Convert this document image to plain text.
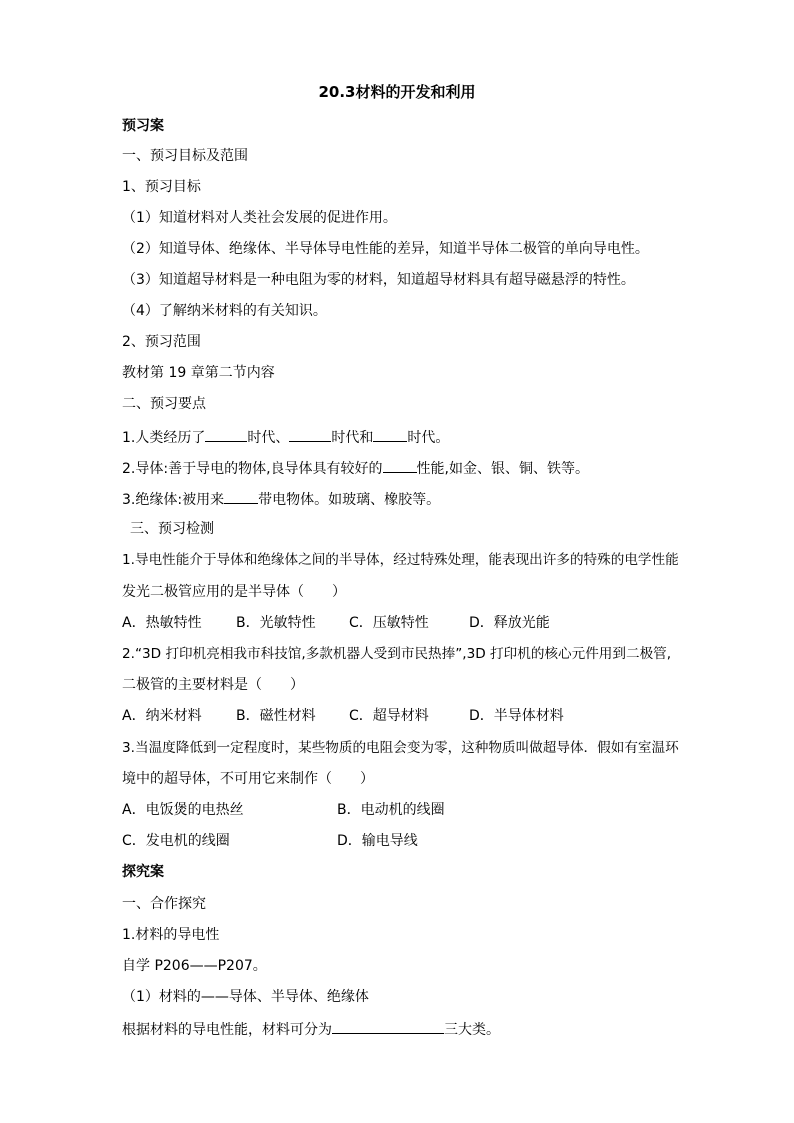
20.3材料的开发和利用
预习案
一、预习目标及范围
1、预习目标
（1）知道材料对人类社会发展的促进作用。
（2）知道导体、绝缘体、半导体导电性能的差异，知道半导体二极管的单向导电性。
（3）知道超导材料是一种电阻为零的材料，知道超导材料具有超导磁悬浮的特性。
（4）了解纳米材料的有关知识。
2、预习范围
教材第 19 章第二节内容
二、预习要点
1.人类经历了	时代、	时代和 时代。
2.导体:善于导电的物体,良导体具有较好的 性能,如金、银、铜、铁等。
3.绝缘体:被用来 带电物体。如玻璃、橡胶等。
三、预习检测
1.导电性能介于导体和绝缘体之间的半导体，经过特殊处理，能表现出许多的特殊的电学性能
发光二极管应用的是半导体（　　）
A．热敏特性 B．光敏特性 C．压敏特性	D．释放光能
2.“3D 打印机亮相我市科技馆,多款机器人受到市民热捧”,3D 打印机的核心元件用到二极管,
二极管的主要材料是（　　）
A．纳米材料 B．磁性材料 C．超导材料	D．半导体材料
3.当温度降低到一定程度时，某些物质的电阻会变为零，这种物质叫做超导体．假如有室温环
境中的超导体，不可用它来制作（　　）
A．电饭煲的电热丝	B．电动机的线圈
C．发电机的线圈	D．输电导线
探究案
一、合作探究
1.材料的导电性
自学 P206——P207。
（1）材料的——导体、半导体、绝缘体
根据材料的导电性能，材料可分为	三大类。
